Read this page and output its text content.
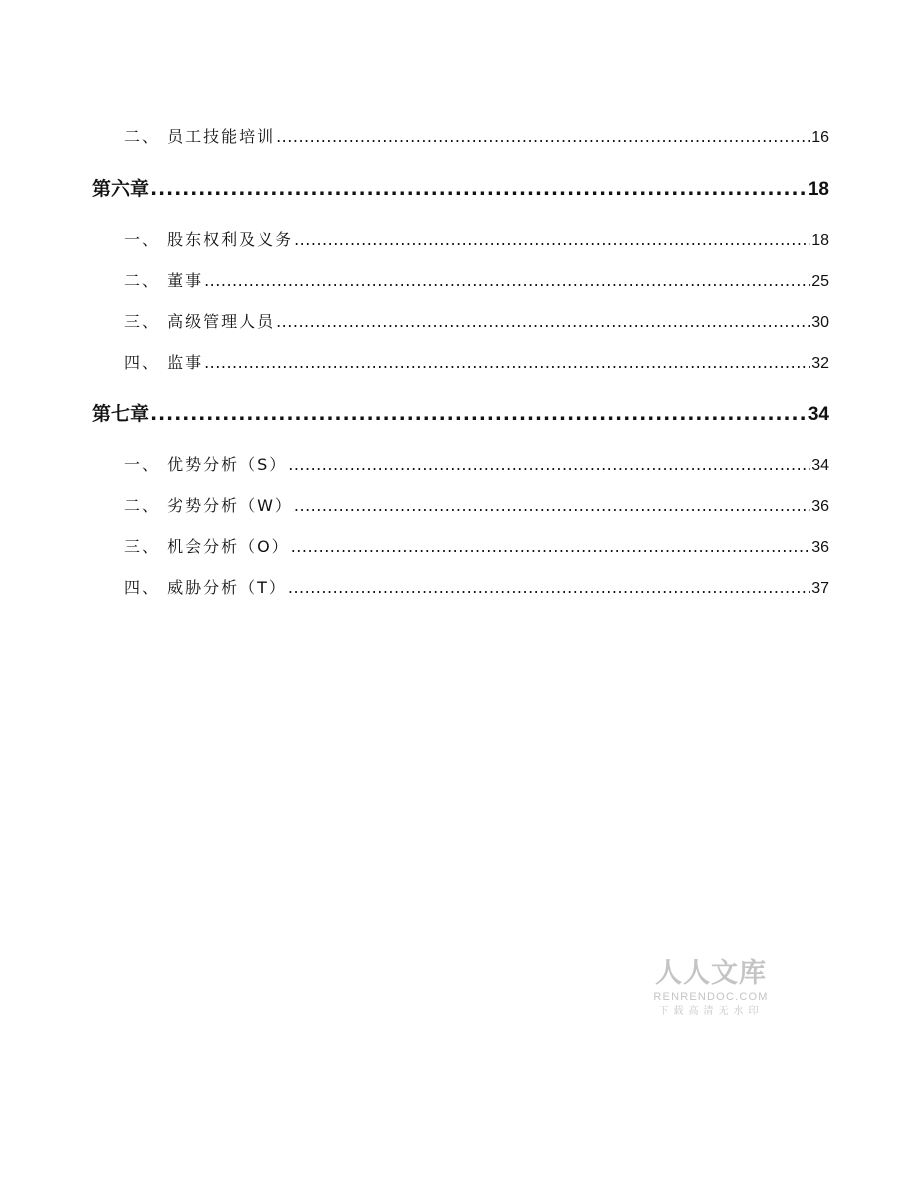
二、 员工技能培训 .....	16
第六章 .....	18
一、 股东权利及义务 .....	18
二、 董事 .....	25
三、 高级管理人员 .....	30
四、 监事 .....	32
第七章 .....	34
一、 优势分析（S） .....	34
二、 劣势分析（W） .....	36
三、 机会分析（O） .....	36
四、 威胁分析（T） .....	37
人人文库
RENRENDOC.COM
下载高清无水印
